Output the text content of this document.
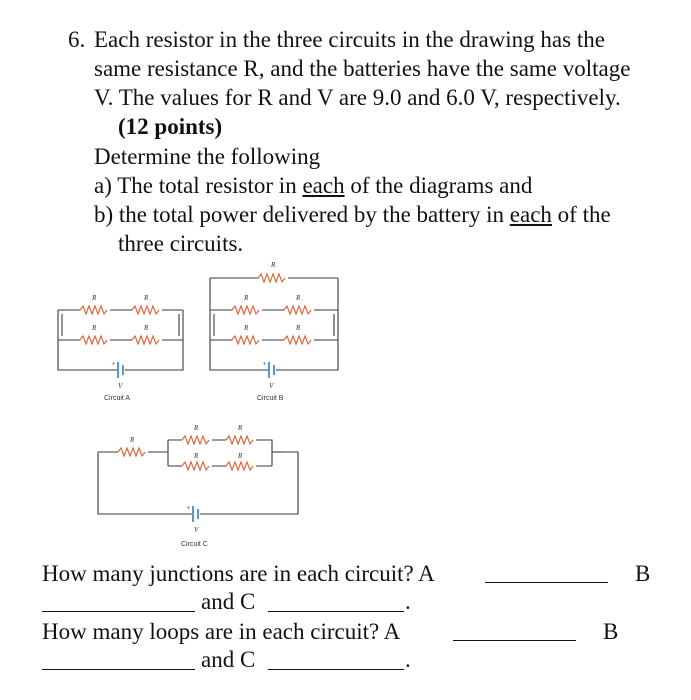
6. Each resistor in the three circuits in the drawing has the
same resistance R, and the batteries have the same voltage
V. The values for R and V are 9.0 and 6.0 V, respectively.
(12 points)
Determine the following
a) The total resistor in each of the diagrams and
b) the total power delivered by the battery in each of the
three circuits.
R	R
R	R
+
V
Circuit A
R
R	R
R	R
+
V
Circuit B
R
R	R
R	R
+
V
Circuit C
How many junctions are in each circuit? A	B
and C	.
How many loops are in each circuit? A	B
and C	.
